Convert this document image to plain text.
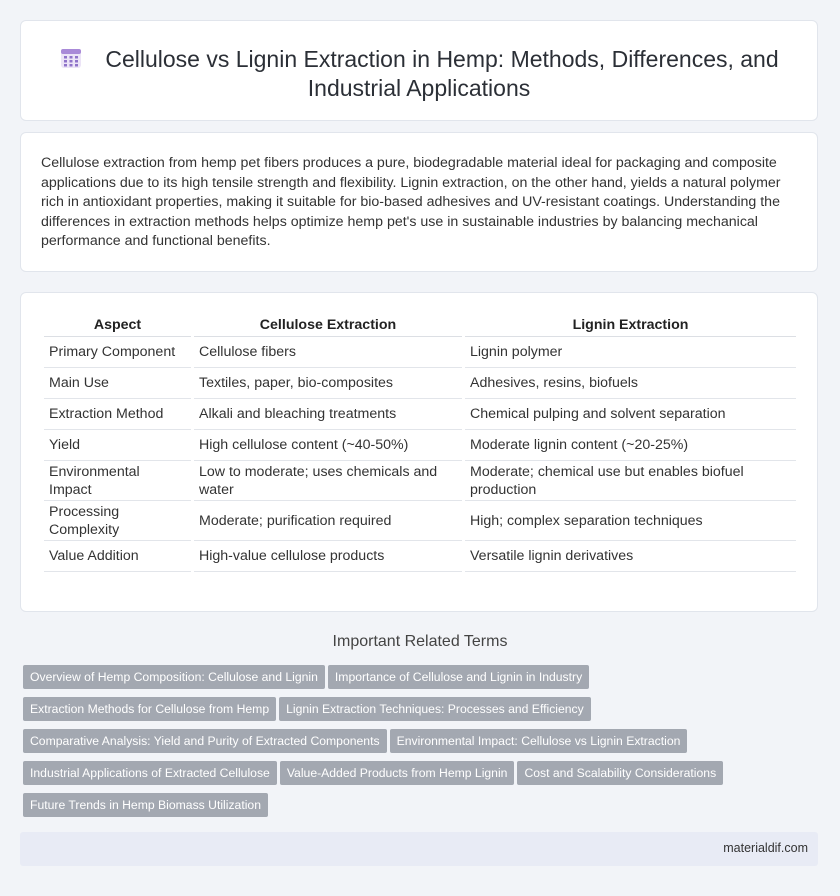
Cellulose vs Lignin Extraction in Hemp: Methods, Differences, and
Industrial Applications

Cellulose extraction from hemp pet fibers produces a pure, biodegradable material ideal for packaging and composite applications due to its high tensile strength and flexibility. Lignin extraction, on the other hand, yields a natural polymer rich in antioxidant properties, making it suitable for bio-based adhesives and UV-resistant coatings. Understanding the differences in extraction methods helps optimize hemp pet's use in sustainable industries by balancing mechanical performance and functional benefits.

Aspect	Cellulose Extraction	Lignin Extraction
Primary Component	Cellulose fibers	Lignin polymer
Main Use	Textiles, paper, bio-composites	Adhesives, resins, biofuels
Extraction Method	Alkali and bleaching treatments	Chemical pulping and solvent separation
Yield	High cellulose content (~40-50%)	Moderate lignin content (~20-25%)
Environmental Impact	Low to moderate; uses chemicals and water	Moderate; chemical use but enables biofuel production
Processing Complexity	Moderate; purification required	High; complex separation techniques
Value Addition	High-value cellulose products	Versatile lignin derivatives
Important Related Terms
Overview of Hemp Composition: Cellulose and Lignin Importance of Cellulose and Lignin in Industry
Extraction Methods for Cellulose from Hemp Lignin Extraction Techniques: Processes and Efficiency
Comparative Analysis: Yield and Purity of Extracted Components Environmental Impact: Cellulose vs Lignin Extraction
Industrial Applications of Extracted Cellulose Value-Added Products from Hemp Lignin Cost and Scalability Considerations
Future Trends in Hemp Biomass Utilization
materialdif.com
